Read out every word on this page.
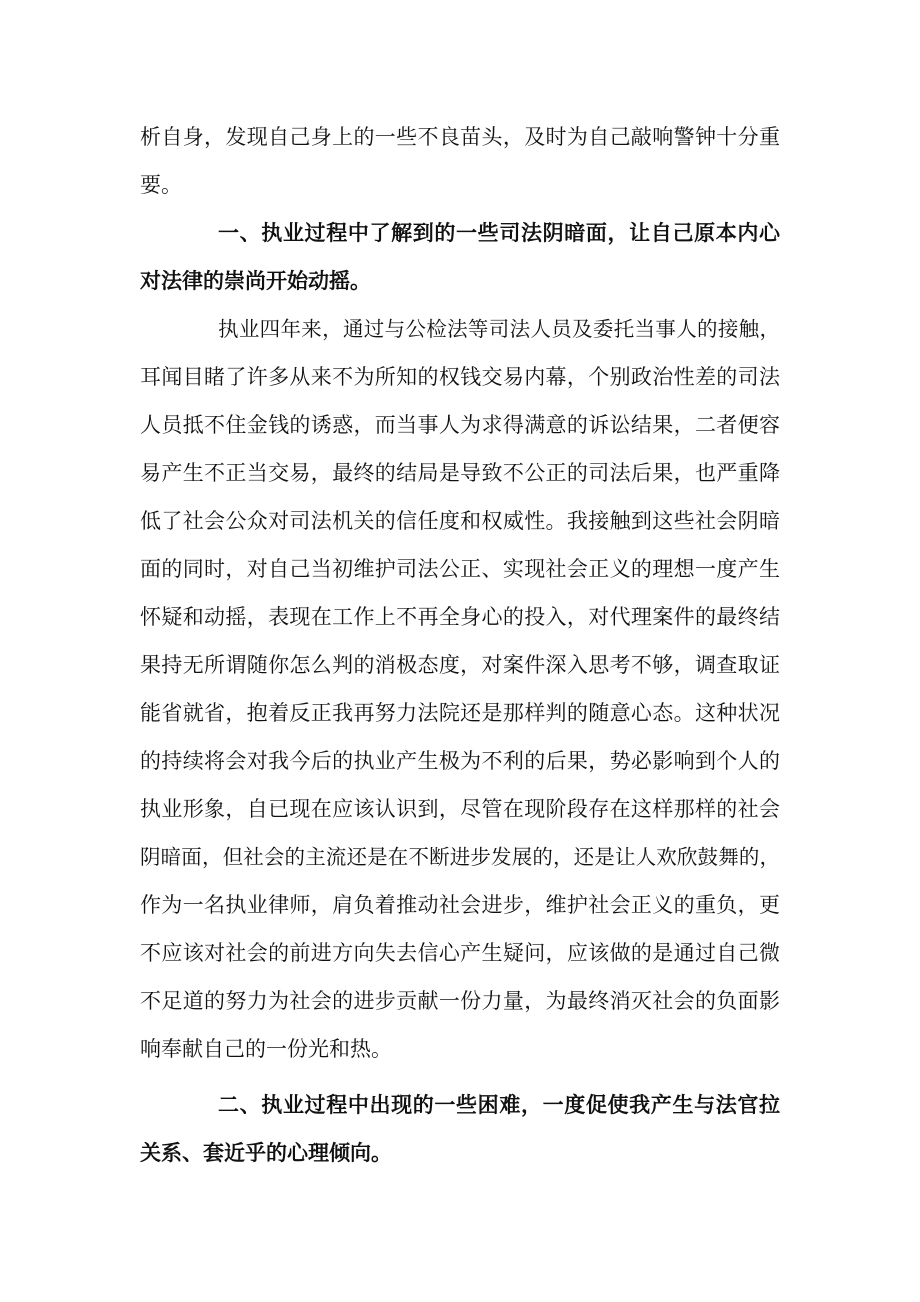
析自身，发现自己身上的一些不良苗头，及时为自己敲响警钟十分重
要。
一、执业过程中了解到的一些司法阴暗面，让自己原本内心
对法律的崇尚开始动摇。
执业四年来，通过与公检法等司法人员及委托当事人的接触，
耳闻目睹了许多从来不为所知的权钱交易内幕，个别政治性差的司法
人员抵不住金钱的诱惑，而当事人为求得满意的诉讼结果，二者便容
易产生不正当交易，最终的结局是导致不公正的司法后果，也严重降
低了社会公众对司法机关的信任度和权威性。我接触到这些社会阴暗
面的同时，对自己当初维护司法公正、实现社会正义的理想一度产生
怀疑和动摇，表现在工作上不再全身心的投入，对代理案件的最终结
果持无所谓随你怎么判的消极态度，对案件深入思考不够，调查取证
能省就省，抱着反正我再努力法院还是那样判的随意心态。这种状况
的持续将会对我今后的执业产生极为不利的后果，势必影响到个人的
执业形象，自已现在应该认识到，尽管在现阶段存在这样那样的社会
阴暗面，但社会的主流还是在不断进步发展的，还是让人欢欣鼓舞的，
作为一名执业律师，肩负着推动社会进步，维护社会正义的重负，更
不应该对社会的前进方向失去信心产生疑问，应该做的是通过自己微
不足道的努力为社会的进步贡献一份力量，为最终消灭社会的负面影
响奉献自己的一份光和热。
二、执业过程中出现的一些困难，一度促使我产生与法官拉
关系、套近乎的心理倾向。
